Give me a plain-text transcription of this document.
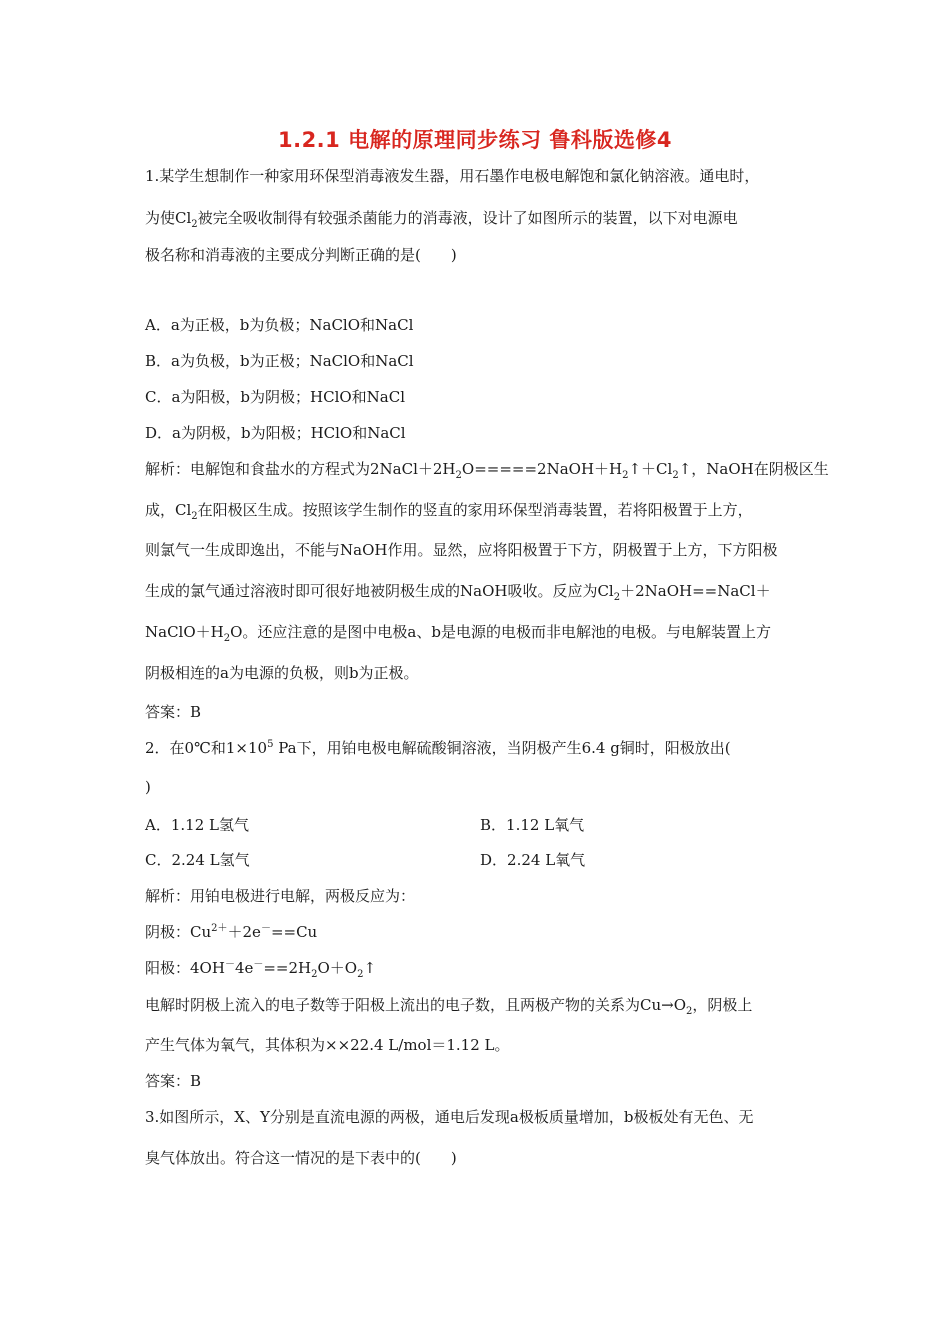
1.2.1 电解的原理同步练习 鲁科版选修4
1.某学生想制作一种家用环保型消毒液发生器，用石墨作电极电解饱和氯化钠溶液。通电时，
为使$Cl_2$被完全吸收制得有较强杀菌能力的消毒液，设计了如图所示的装置，以下对电源电
极名称和消毒液的主要成分判断正确的是(　　)
A．a为正极，b为负极；NaClO和NaCl
B．a为负极，b为正极；NaClO和NaCl
C．a为阳极，b为阴极；HClO和NaCl
D．a为阴极，b为阳极；HClO和NaCl
解析：电解饱和食盐水的方程式为$2NaCl+2H_2O=====2NaOH+H_2↑+Cl_2↑$，NaOH在阴极区生
成，$Cl_2$在阳极区生成。按照该学生制作的竖直的家用环保型消毒装置，若将阳极置于上方，
则氯气一生成即逸出，不能与NaOH作用。显然，应将阳极置于下方，阴极置于上方，下方阳极
生成的氯气通过溶液时即可很好地被阴极生成的NaOH吸收。反应为$Cl_2+2NaOH==NaCl+$
$NaClO+H_2O$。还应注意的是图中电极a、b是电源的电极而非电解池的电极。与电解装置上方
阴极相连的a为电源的负极，则b为正极。
答案：B
2．在0℃和$1\times 10^5$ Pa下，用铂电极电解硫酸铜溶液，当阴极产生6.4 g铜时，阳极放出(
)
A．1.12 L氢气	B．1.12 L氧气
C．2.24 L氢气	D．2.24 L氧气
解析：用铂电极进行电解，两极反应为：
阴极：$Cu^{2+}+2e^-==Cu$
阳极：$4OH^-4e^-==2H_2O+O_2↑$
电解时阴极上流入的电子数等于阳极上流出的电子数，且两极产物的关系为$Cu\to O_2$，阴极上
产生气体为氧气，其体积为××22.4 L/mol＝1.12 L。
答案：B
3.如图所示，X、Y分别是直流电源的两极，通电后发现a极板质量增加，b极板处有无色、无
臭气体放出。符合这一情况的是下表中的(　　)
